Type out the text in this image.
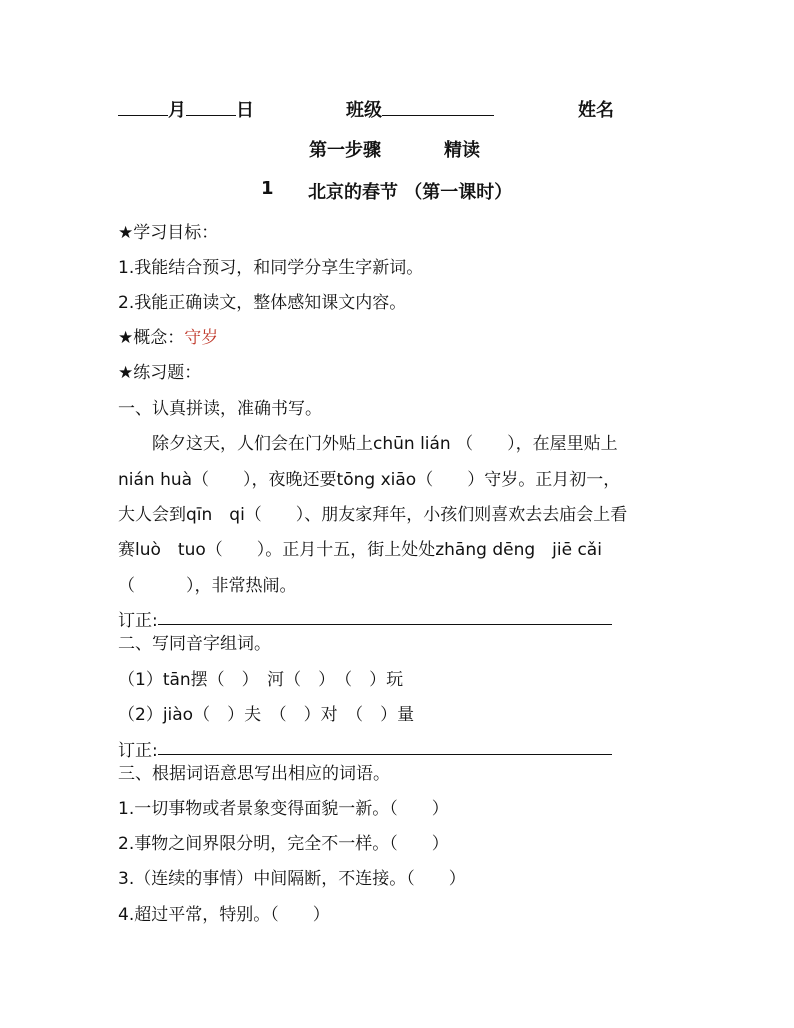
月	日	班级	姓名
第一步骤	精读
1 北京的春节 （第一课时）
★学习目标：
1.我能结合预习，和同学分享生字新词。
2.我能正确读文，整体感知课文内容。
★概念：守岁
★练习题：
一、认真拼读，准确书写。
除夕这天，人们会在门外贴上chūn lián （　　），在屋里贴上
nián huà（　　），夜晚还要tōng xiāo（　　）守岁。正月初一，
大人会到qīn　qi（　　）、朋友家拜年，小孩们则喜欢去去庙会上看
赛luò　tuo（　　）。正月十五，街上处处zhāng dēng　jiē cǎi
（　　　），非常热闹。
订正:
二、写同音字组词。
（1）tān摆（　）　河（　）　（　）玩
（2）jiào（　）夫　（　）对　（　）量
订正:
三、根据词语意思写出相应的词语。
1.一切事物或者景象变得面貌一新。（　　）
2.事物之间界限分明，完全不一样。（　　）
3.（连续的事情）中间隔断，不连接。（　　）
4.超过平常，特别。（　　）
